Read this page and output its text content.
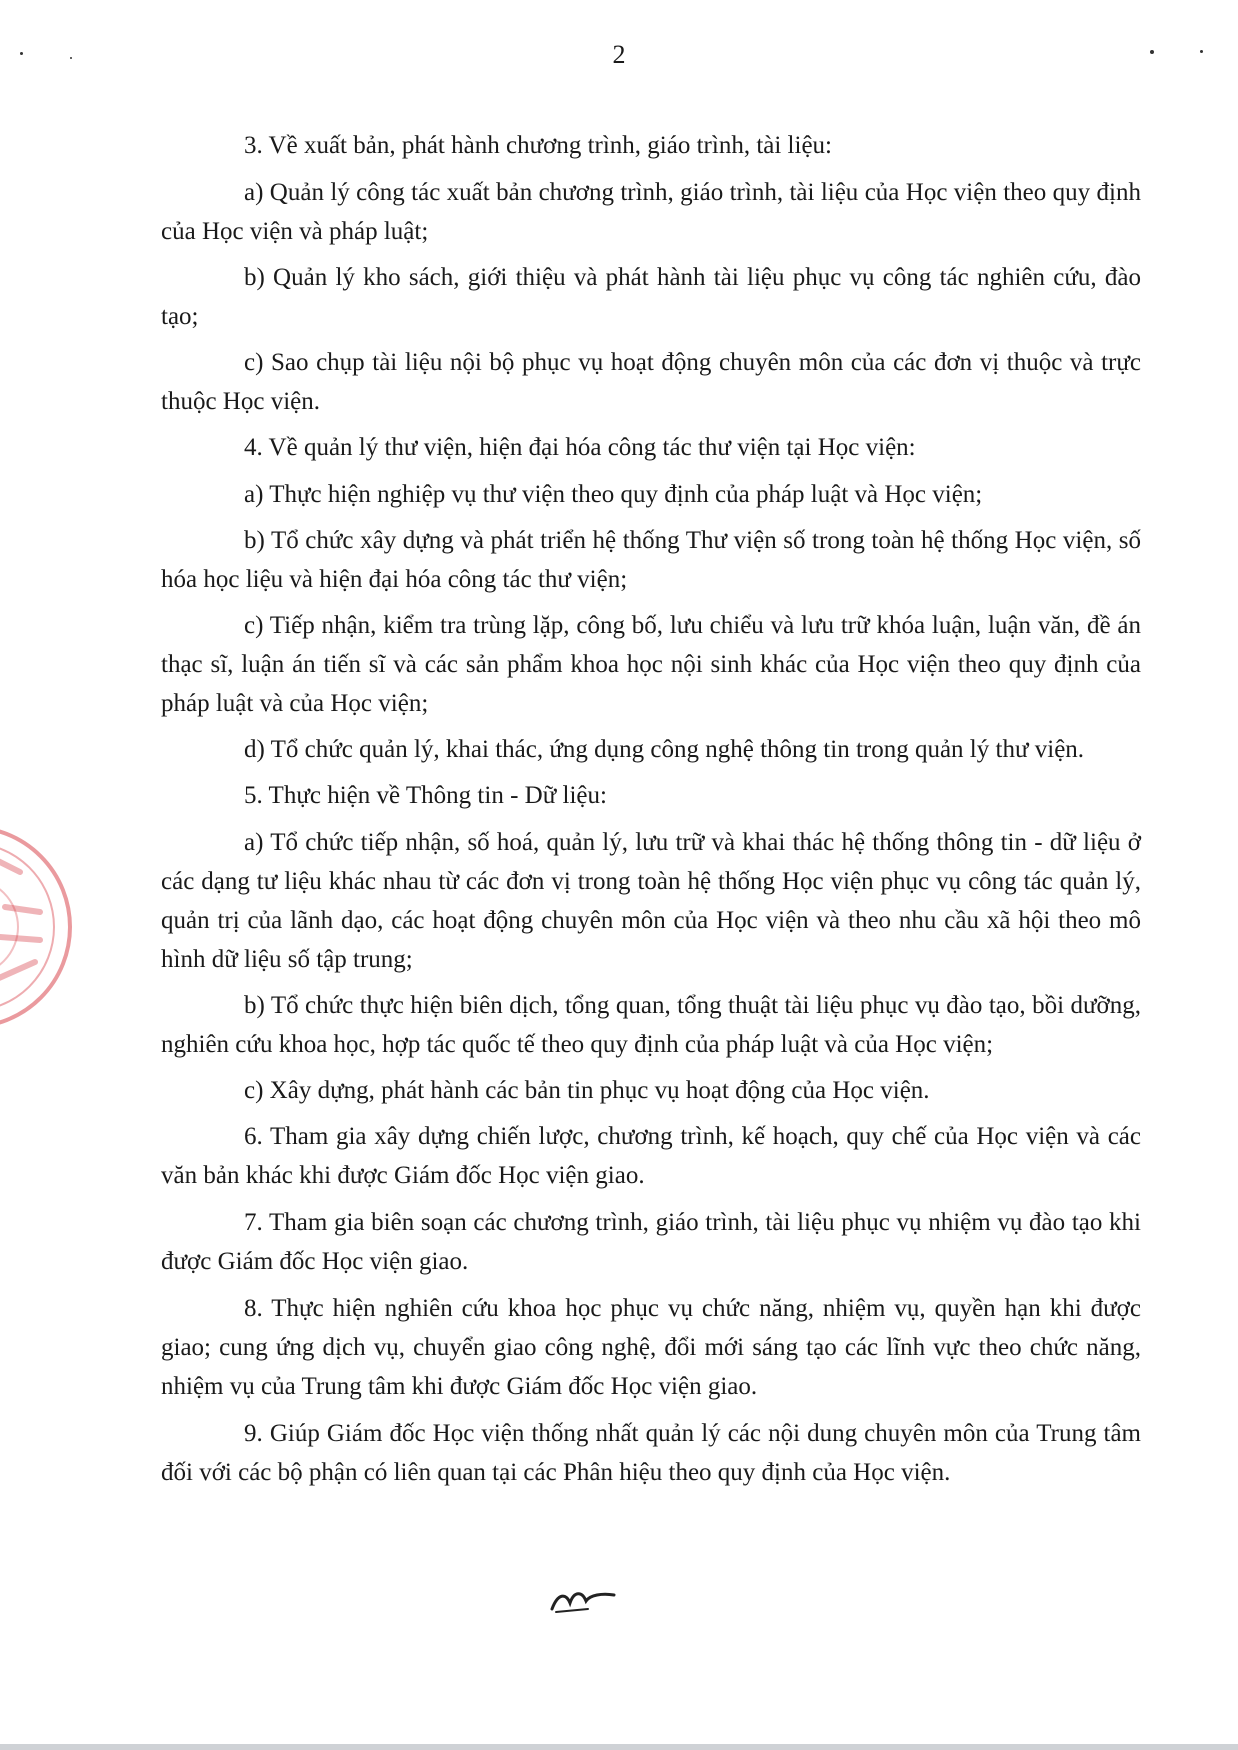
2

3. Về xuất bản, phát hành chương trình, giáo trình, tài liệu:

a) Quản lý công tác xuất bản chương trình, giáo trình, tài liệu của Học viện theo quy định của Học viện và pháp luật;

b) Quản lý kho sách, giới thiệu và phát hành tài liệu phục vụ công tác nghiên cứu, đào tạo;

c) Sao chụp tài liệu nội bộ phục vụ hoạt động chuyên môn của các đơn vị thuộc và trực thuộc Học viện.

4. Về quản lý thư viện, hiện đại hóa công tác thư viện tại Học viện:

a) Thực hiện nghiệp vụ thư viện theo quy định của pháp luật và Học viện;

b) Tổ chức xây dựng và phát triển hệ thống Thư viện số trong toàn hệ thống Học viện, số hóa học liệu và hiện đại hóa công tác thư viện;

c) Tiếp nhận, kiểm tra trùng lặp, công bố, lưu chiểu và lưu trữ khóa luận, luận văn, đề án thạc sĩ, luận án tiến sĩ và các sản phẩm khoa học nội sinh khác của Học viện theo quy định của pháp luật và của Học viện;

d) Tổ chức quản lý, khai thác, ứng dụng công nghệ thông tin trong quản lý thư viện.

5. Thực hiện về Thông tin - Dữ liệu:

a) Tổ chức tiếp nhận, số hoá, quản lý, lưu trữ và khai thác hệ thống thông tin - dữ liệu ở các dạng tư liệu khác nhau từ các đơn vị trong toàn hệ thống Học viện phục vụ công tác quản lý, quản trị của lãnh dạo, các hoạt động chuyên môn của Học viện và theo nhu cầu xã hội theo mô hình dữ liệu số tập trung;

b) Tổ chức thực hiện biên dịch, tổng quan, tổng thuật tài liệu phục vụ đào tạo, bồi dưỡng, nghiên cứu khoa học, hợp tác quốc tế theo quy định của pháp luật và của Học viện;

c) Xây dựng, phát hành các bản tin phục vụ hoạt động của Học viện.

6. Tham gia xây dựng chiến lược, chương trình, kế hoạch, quy chế của Học viện và các văn bản khác khi được Giám đốc Học viện giao.

7. Tham gia biên soạn các chương trình, giáo trình, tài liệu phục vụ nhiệm vụ đào tạo khi được Giám đốc Học viện giao.

8. Thực hiện nghiên cứu khoa học phục vụ chức năng, nhiệm vụ, quyền hạn khi được giao; cung ứng dịch vụ, chuyển giao công nghệ, đổi mới sáng tạo các lĩnh vực theo chức năng, nhiệm vụ của Trung tâm khi được Giám đốc Học viện giao.

9. Giúp Giám đốc Học viện thống nhất quản lý các nội dung chuyên môn của Trung tâm đối với các bộ phận có liên quan tại các Phân hiệu theo quy định của Học viện.
